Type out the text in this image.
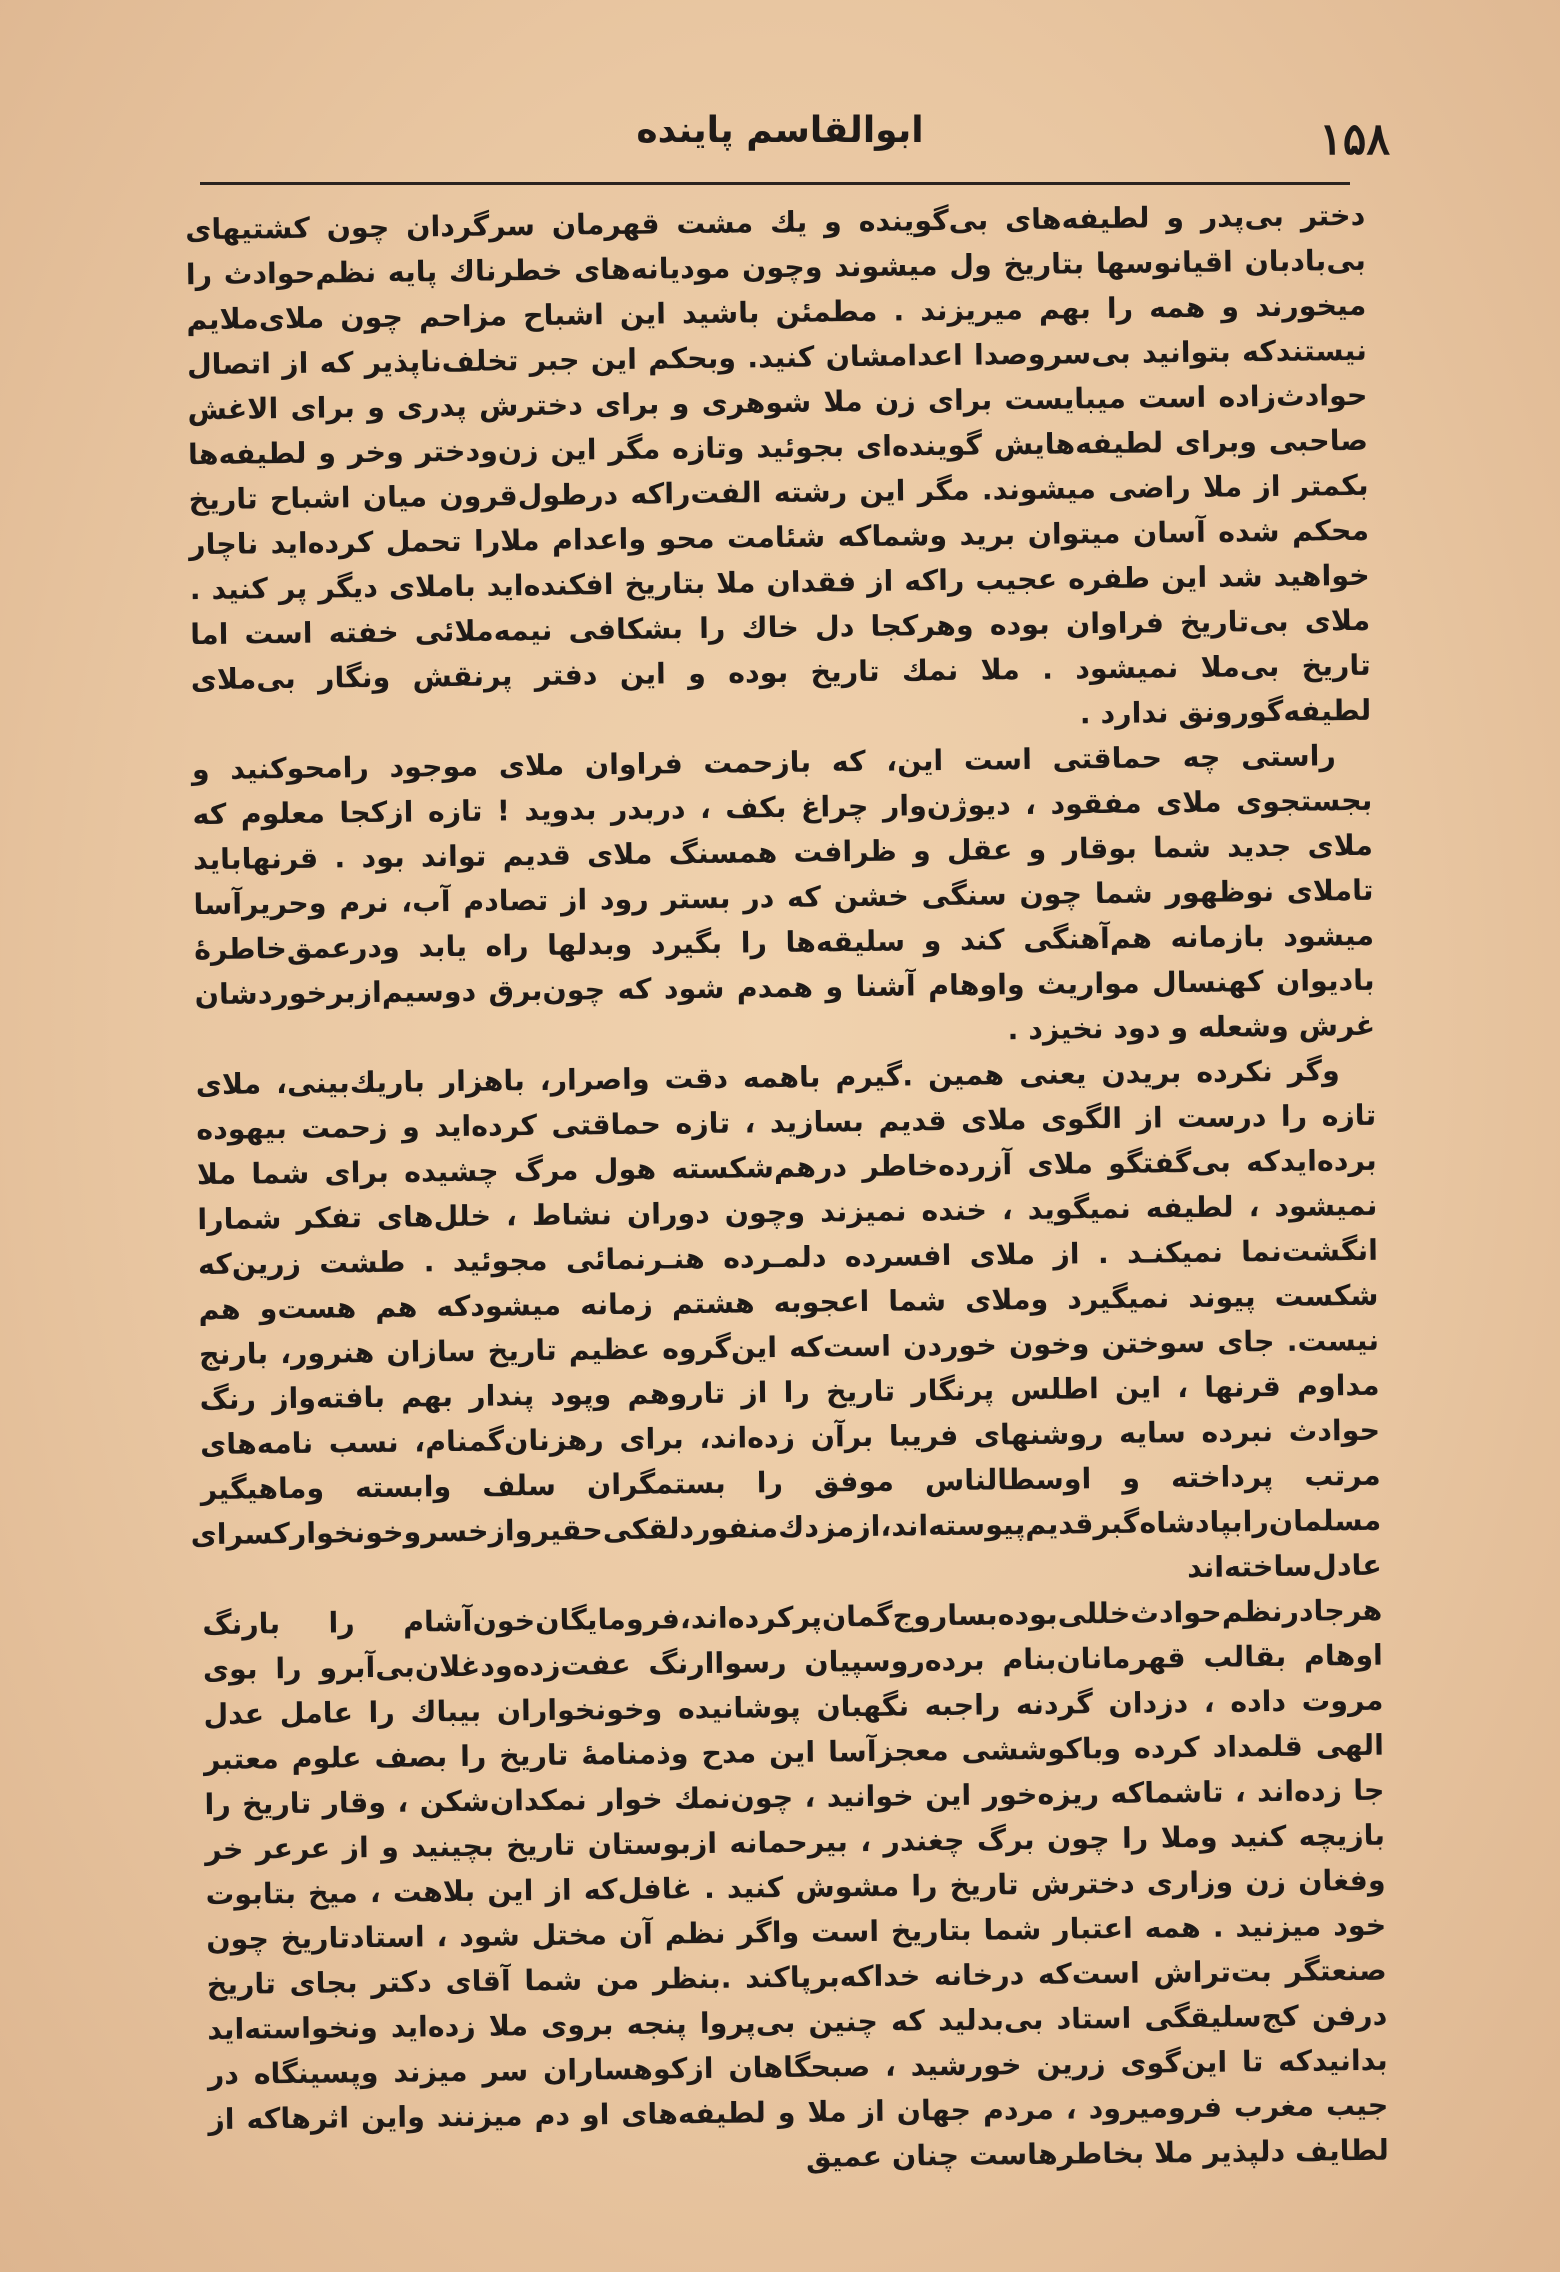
۱۵۸
ابوالقاسم پاینده

دختر بی‌پدر و لطیفه‌های بی‌گوینده و یك مشت قهرمان سرگردان چون کشتیهای بی‌بادبان اقیانوسها بتاریخ ول میشوند وچون مودیانه‌های خطرناك پایه نظم‌حوادث را میخورند و همه را بهم میریزند . مطمئن باشید این اشباح مزاحم چون ملای‌ملایم نیستندکه بتوانید بی‌سروصدا اعدامشان کنید. وبحکم این جبر تخلف‌ناپذیر که از اتصال حوادث‌زاده است میبایست برای زن ملا شوهری و برای دخترش پدری و برای الاغش صاحبی وبرای لطیفه‌هایش گوینده‌ای بجوئید وتازه مگر این زن‌ودختر وخر و لطیفه‌ها بکمتر از ملا راضی میشوند. مگر این رشته الفت‌راکه درطول‌قرون میان اشباح تاریخ محکم شده آسان میتوان برید وشماکه شئامت محو واعدام ملارا تحمل کرده‌اید ناچار خواهید شد این طفره عجیب راکه از فقدان ملا بتاریخ افکنده‌اید باملای دیگر پر کنید . ملای بی‌تاریخ فراوان بوده وهرکجا دل خاك را بشکافی نیمه‌ملائی خفته است اما تاریخ بی‌ملا نمیشود . ملا نمك تاریخ بوده و این دفتر پرنقش ونگار بی‌ملای لطیفه‌گو‌رونق ندارد .

راستی چه حماقتی است این، که بازحمت فراوان ملای موجود رامحوکنید و بجستجوی ملای مفقود ، دیوژن‌وار چراغ بکف ، دربدر بدوید ! تازه ازکجا معلوم که ملای جدید شما بوقار و عقل و ظرافت همسنگ ملای قدیم تواند بود . قرنهاباید تاملای نوظهور شما چون سنگی خشن که در بستر رود از تصادم آب، نرم وحریرآسا میشود بازمانه هم‌آهنگی کند و سلیقه‌ها را بگیرد وبدلها راه یابد ودرعمق‌خاطرهٔ بادیوان کهنسال مواریث واوهام آشنا و همدم شود که چون‌برق دوسیم‌ازبرخوردشان غرش وشعله و دود نخیزد .

وگر نکرده بریدن یعنی همین .گیرم باهمه دقت واصرار، باهزار باریك‌بینی، ملای تازه را درست از الگوی ملای قدیم بسازید ، تازه حماقتی کرده‌اید و زحمت بیهوده برده‌ایدکه بی‌گفتگو ملای آزرده‌خاطر درهم‌شکسته هول مرگ چشیده برای شما ملا نمیشود ، لطیفه نمیگوید ، خنده نمیزند وچون دوران نشاط ، خلل‌های تفکر شمارا انگشت‌نما نمیکنـد . از ملای افسرده دلمـرده هنـرنمائی مجوئید . طشت زرین‌که شکست پیوند نمیگیرد وملای شما اعجوبه هشتم زمانه میشودکه هم هست‌و هم نیست. جای سوختن وخون خوردن است‌که این‌گروه عظیم تاریخ سازان هنرور، بارنج مداوم قرنها ، این اطلس پرنگار تاریخ را از تاروهم وپود پندار بهم بافته‌واز رنگ حوادث نبرده سایه روشنهای فریبا برآن زده‌اند، برای رهزنان‌گمنام، نسب نامه‌های مرتب پرداخته و اوسطالناس موفق را بستمگران سلف وابسته وماهیگیر مسلمان‌رابپادشاه‌گبرقدیم‌پیوسته‌اند،ازمزدك‌منفوردلقکی‌حقیروازخسروخونخوارکسرای عادل‌ساخته‌اند هرجادرنظم‌حوادث‌خللی‌بوده‌بساروج‌گمان‌پرکرده‌اند،فرومایگان‌خون‌آشام را بارنگ اوهام بقالب قهرمانان‌بنام برده‌روسپیان رسواارنگ عفت‌زده‌ودغلان‌بی‌آبرو را بوی مروت داده ، دزدان گردنه راجبه نگهبان پوشانیده وخونخواران بیباك را عامل عدل الهی قلمداد کرده وباکوششی معجزآسا این مدح وذمنامهٔ تاریخ را بصف علوم معتبر جا زده‌اند ، تاشماکه ریزه‌خور این خوانید ، چون‌نمك خوار نمکدان‌شکن ، وقار تاریخ را بازیچه کنید وملا را چون برگ چغندر ، بیرحمانه ازبوستان تاریخ بچینید و از عرعر خر وفغان زن وزاری دخترش تاریخ را مشوش کنید . غافل‌که از این بلاهت ، میخ بتابوت خود میزنید . همه اعتبار شما بتاریخ است واگر نظم آن مختل شود ، استادتاریخ چون صنعتگر بت‌تراش است‌که درخانه خداکه‌برپاکند .بنظر من شما آقای دکتر بجای تاریخ درفن کج‌سلیقگی استاد بی‌بدلید که چنین بی‌پروا پنجه بروی ملا زده‌اید ونخواسته‌اید بدانیدکه تا این‌گوی زرین خورشید ، صبحگاهان ازکوهساران سر میزند وپسینگاه در جیب مغرب فرومیرود ، مردم جهان از ملا و لطیفه‌های او دم میزنند واین اثرهاکه از لطایف دلپذیر ملا بخاطرهاست چنان عمیق
